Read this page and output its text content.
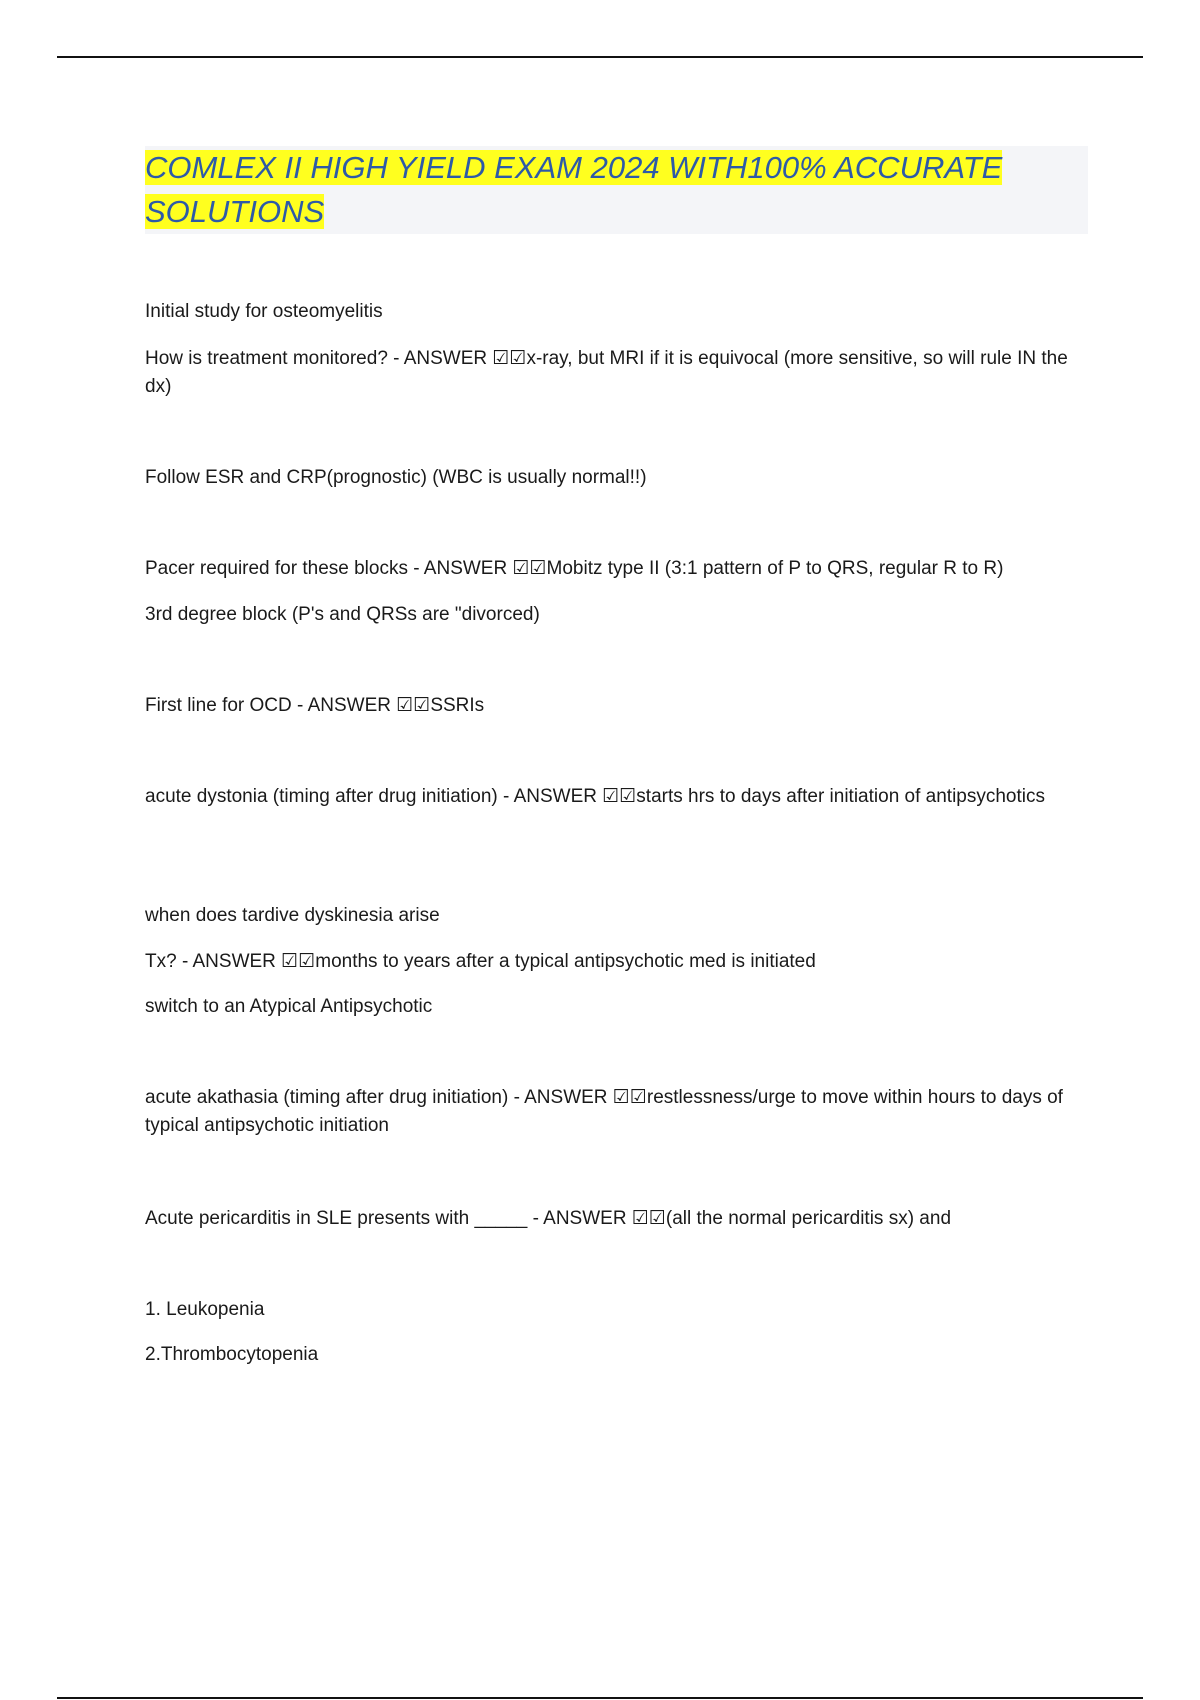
COMLEX II HIGH YIELD EXAM 2024 WITH100% ACCURATE SOLUTIONS

Initial study for osteomyelitis

How is treatment monitored? - ANSWER ☑☑x-ray, but MRI if it is equivocal (more sensitive, so will rule IN the dx)

Follow ESR and CRP(prognostic) (WBC is usually normal!!)

Pacer required for these blocks - ANSWER ☑☑Mobitz type II (3:1 pattern of P to QRS, regular R to R)

3rd degree block (P's and QRSs are "divorced)

First line for OCD - ANSWER ☑☑SSRIs

acute dystonia (timing after drug initiation) - ANSWER ☑☑starts hrs to days after initiation of antipsychotics

when does tardive dyskinesia arise

Tx? - ANSWER ☑☑months to years after a typical antipsychotic med is initiated

switch to an Atypical Antipsychotic

acute akathasia (timing after drug initiation) - ANSWER ☑☑restlessness/urge to move within hours to days of typical antipsychotic initiation

Acute pericarditis in SLE presents with _____ - ANSWER ☑☑(all the normal pericarditis sx) and

1. Leukopenia

2.Thrombocytopenia
